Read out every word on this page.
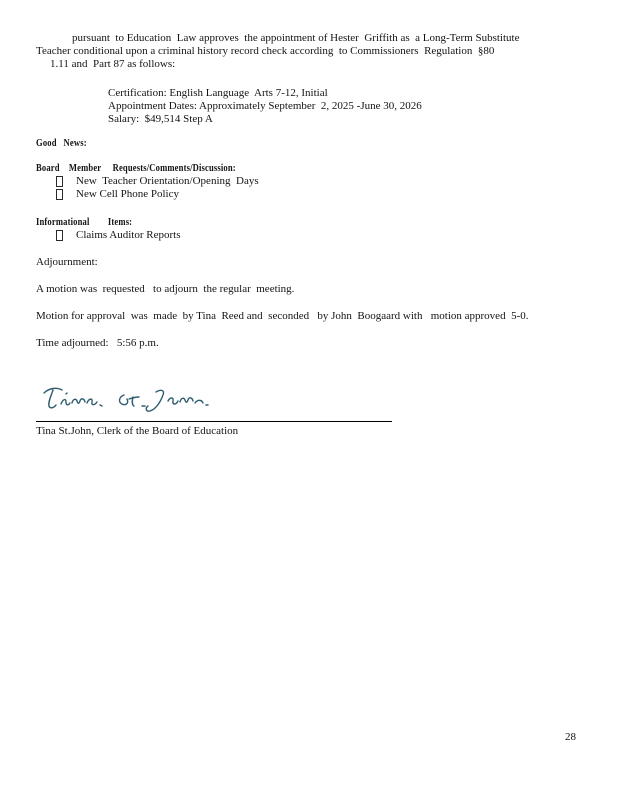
pursuant  to Education  Law approves  the appointment of Hester  Griffith as  a Long-Term Substitute
Teacher conditional upon a criminal history record check according  to Commissioners  Regulation  §80
1.11 and  Part 87 as follows:
Certification: English Language  Arts 7-12, Initial
Appointment Dates: Approximately September  2, 2025 -June 30, 2026
Salary:  $49,514 Step A
Good   News:
Board    Member     Requests/Comments/Discussion:
New  Teacher Orientation/Opening  Days
New Cell Phone Policy
Informational        Items:
Claims Auditor Reports
Adjournment:
A motion was  requested   to adjourn  the regular  meeting.
Motion for approval  was  made  by Tina  Reed and  seconded   by John  Boogaard with   motion approved  5-0.
Time adjourned:   5:56 p.m.
Tina St.John, Clerk of the Board of Education
28
